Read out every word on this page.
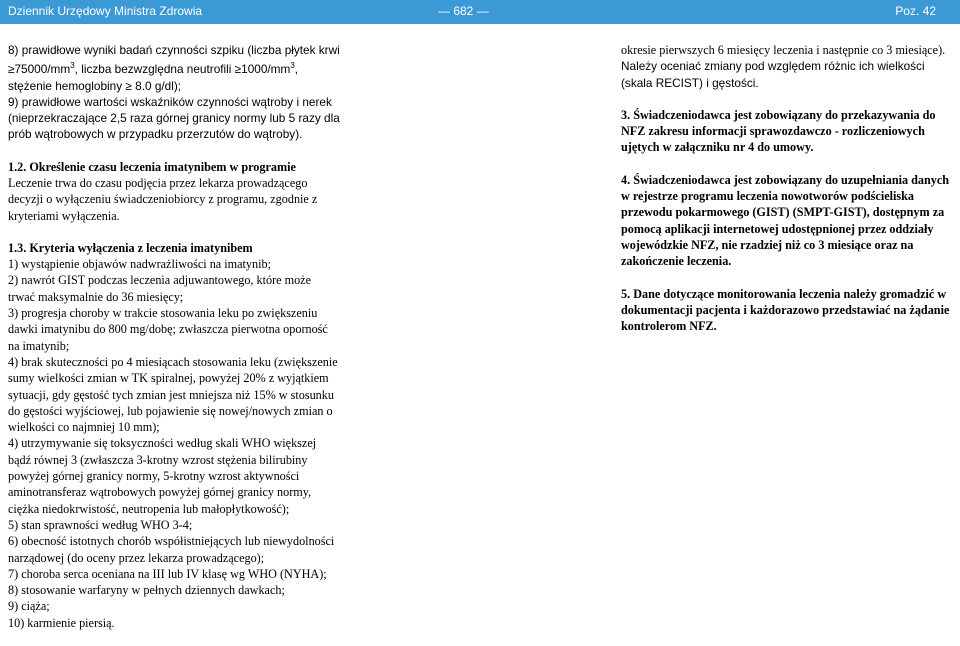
Dziennik Urzędowy Ministra Zdrowia	— 682 —	Poz. 42

8) prawidłowe wyniki badań czynności szpiku (liczba płytek krwi $\ge 75000/mm^3$, liczba bezwzględna neutrofili $\ge 1000/mm^3$, stężenie hemoglobiny ≥ 8.0 g/dl);

9) prawidłowe wartości wskaźników czynności wątroby i nerek (nieprzekraczające 2,5 raza górnej granicy normy lub 5 razy dla prób wątrobowych w przypadku przerzutów do wątroby).

1.2. Określenie czasu leczenia imatynibem w programie

Leczenie trwa do czasu podjęcia przez lekarza prowadzącego decyzji o wyłączeniu świadczeniobiorcy z programu, zgodnie z kryteriami wyłączenia.

1.3. Kryteria wyłączenia z leczenia imatynibem

1) wystąpienie objawów nadwrażliwości na imatynib;

2) nawrót GIST podczas leczenia adjuwantowego, które może trwać maksymalnie do 36 miesięcy;

3) progresja choroby w trakcie stosowania leku po zwiększeniu dawki imatynibu do 800 mg/dobę; zwłaszcza pierwotna oporność na imatynib;

4) brak skuteczności po 4 miesiącach stosowania leku (zwiększenie sumy wielkości zmian w TK spiralnej, powyżej 20% z wyjątkiem sytuacji, gdy gęstość tych zmian jest mniejsza niż 15% w stosunku do gęstości wyjściowej, lub pojawienie się nowej/nowych zmian o wielkości co najmniej 10 mm);

4) utrzymywanie się toksyczności według skali WHO większej bądź równej 3 (zwłaszcza 3-krotny wzrost stężenia bilirubiny powyżej górnej granicy normy, 5-krotny wzrost aktywności aminotransferaz wątrobowych powyżej górnej granicy normy, ciężka niedokrwistość, neutropenia lub małopłytkowość);

5) stan sprawności według WHO 3-4;

6) obecność istotnych chorób współistniejących lub niewydolności narządowej (do oceny przez lekarza prowadzącego);

7) choroba serca oceniana na III lub IV klasę wg WHO (NYHA);

8) stosowanie warfaryny w pełnych dziennych dawkach;

9) ciąża;

10) karmienie piersią.

okresie pierwszych 6 miesięcy leczenia i następnie co 3 miesiące).

Należy oceniać zmiany pod względem różnic ich wielkości (skala RECIST) i gęstości.

3. Świadczeniodawca jest zobowiązany do przekazywania do NFZ zakresu informacji sprawozdawczo - rozliczeniowych ujętych w załączniku nr 4 do umowy.

4. Świadczeniodawca jest zobowiązany do uzupełniania danych w rejestrze programu leczenia nowotworów podścieliska przewodu pokarmowego (GIST) (SMPT-GIST), dostępnym za pomocą aplikacji internetowej udostępnionej przez oddziały wojewódzkie NFZ, nie rzadziej niż co 3 miesiące oraz na zakończenie leczenia.

5. Dane dotyczące monitorowania leczenia należy gromadzić w dokumentacji pacjenta i każdorazowo przedstawiać na żądanie kontrolerom NFZ.
